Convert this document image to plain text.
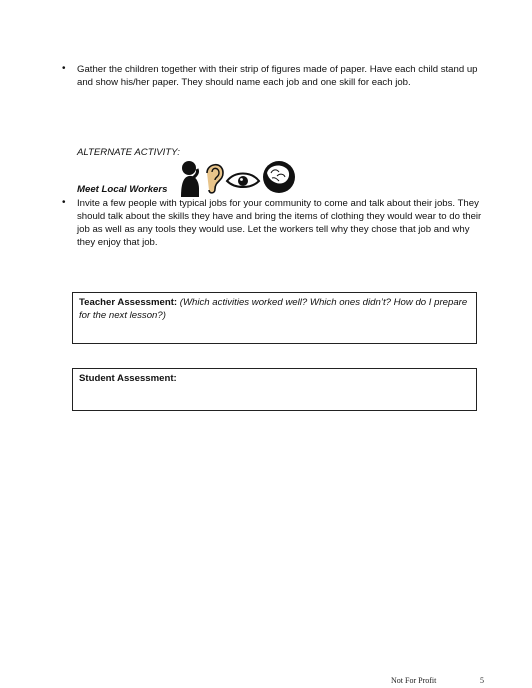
• Gather the children together with their strip of figures made of paper. Have each child stand up and show his/her paper. They should name each job and one skill for each job.
ALTERNATE ACTIVITY:
Meet Local Workers
• Invite a few people with typical jobs for your community to come and talk about their jobs. They should talk about the skills they have and bring the items of clothing they would wear to do their job as well as any tools they would use. Let the workers tell why they chose that job and why they enjoy that job.
Teacher Assessment: (Which activities worked well? Which ones didn’t? How do I prepare for the next lesson?)
Student Assessment:
Not For Profit	5
